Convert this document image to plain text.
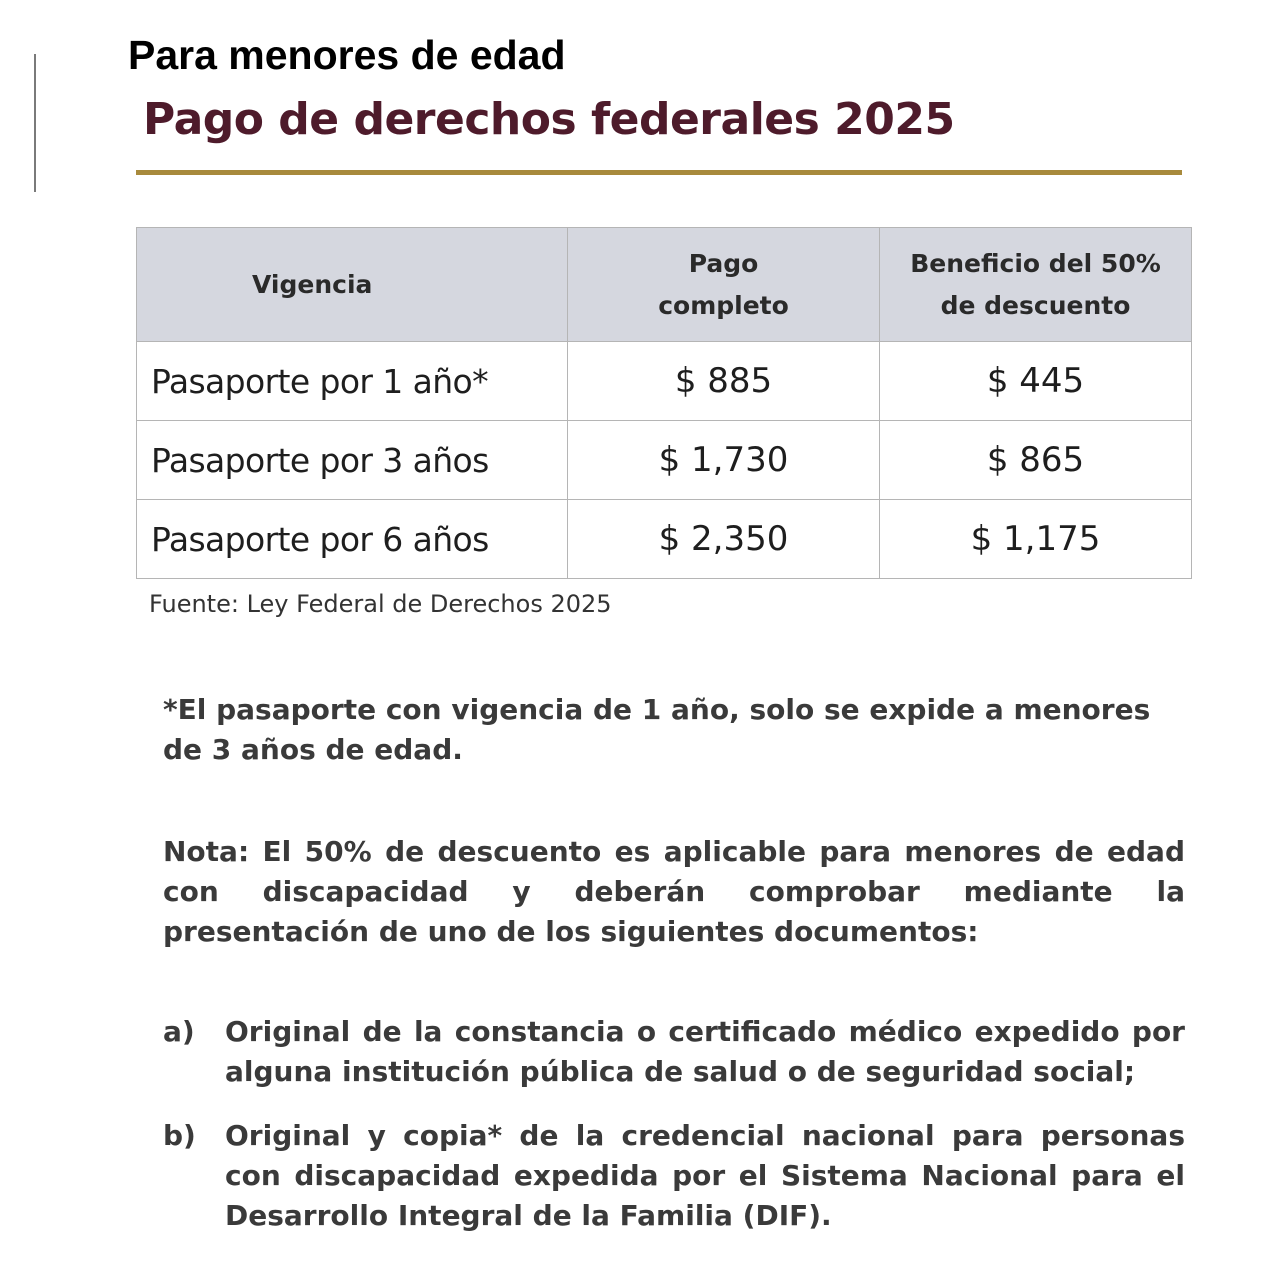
Para menores de edad
Pago de derechos federales 2025
Vigencia	Pago completo	Beneficio del 50% de descuento

Pasaporte por 1 año*	$ 885	$ 445
Pasaporte por 3 años	$ 1,730	$ 865
Pasaporte por 6 años	$ 2,350	$ 1,175
Fuente: Ley Federal de Derechos 2025
*El pasaporte con vigencia de 1 año, solo se expide a menores de 3 años de edad.
Nota: El 50% de descuento es aplicable para menores de edad con discapacidad y deberán comprobar mediante la presentación de uno de los siguientes documentos:
a)	Original de la constancia o certificado médico expedido por alguna institución pública de salud o de seguridad social;
b)	Original y copia* de la credencial nacional para personas con discapacidad expedida por el Sistema Nacional para el Desarrollo Integral de la Familia (DIF).
